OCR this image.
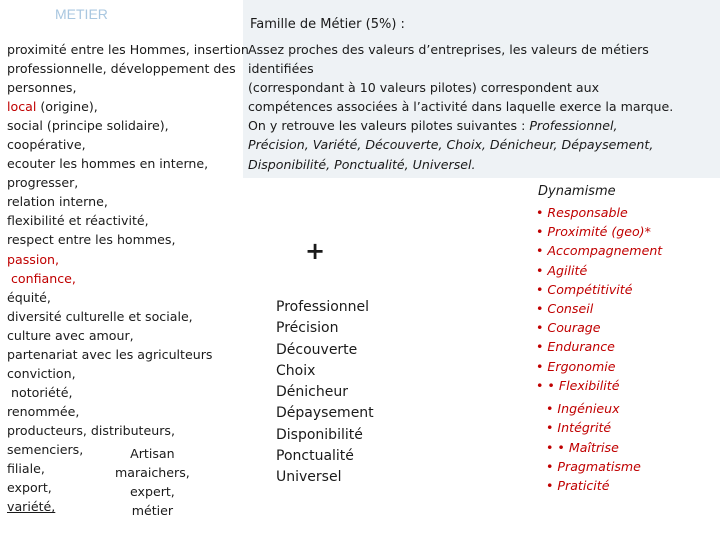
METIER
proximité entre les Hommes, insertion
professionnelle, développement des
personnes,
local (origine),
social (principe solidaire),
coopérative,
ecouter les hommes en interne,
progresser,
relation interne,
flexibilité et réactivité,
respect entre les hommes,
passion,
confiance,
équité,
diversité culturelle et sociale,
culture avec amour,
partenariat avec les agriculteurs
conviction,
notoriété,
renommée,
producteurs, distributeurs,
semenciers,
filiale,
export,
variété,
Artisan
maraichers,
expert,
métier
Famille de Métier (5%) :
Assez proches des valeurs d’entreprises, les valeurs de métiers
identifiées
(correspondant à 10 valeurs pilotes) correspondent aux
compétences associées à l’activité dans laquelle exerce la marque.
On y retrouve les valeurs pilotes suivantes : Professionnel,
Précision, Variété, Découverte, Choix, Dénicheur, Dépaysement,
Disponibilité, Ponctualité, Universel.
+
Professionnel
Précision
Découverte
Choix
Dénicheur
Dépaysement
Disponibilité
Ponctualité
Universel
Dynamisme
• Responsable
• Proximité (geo)*
• Accompagnement
• Agilité
• Compétitivité
• Conseil
• Courage
• Endurance
• Ergonomie
• • Flexibilité
• Ingénieux
• Intégrité
• • Maîtrise
• Pragmatisme
• Praticité
